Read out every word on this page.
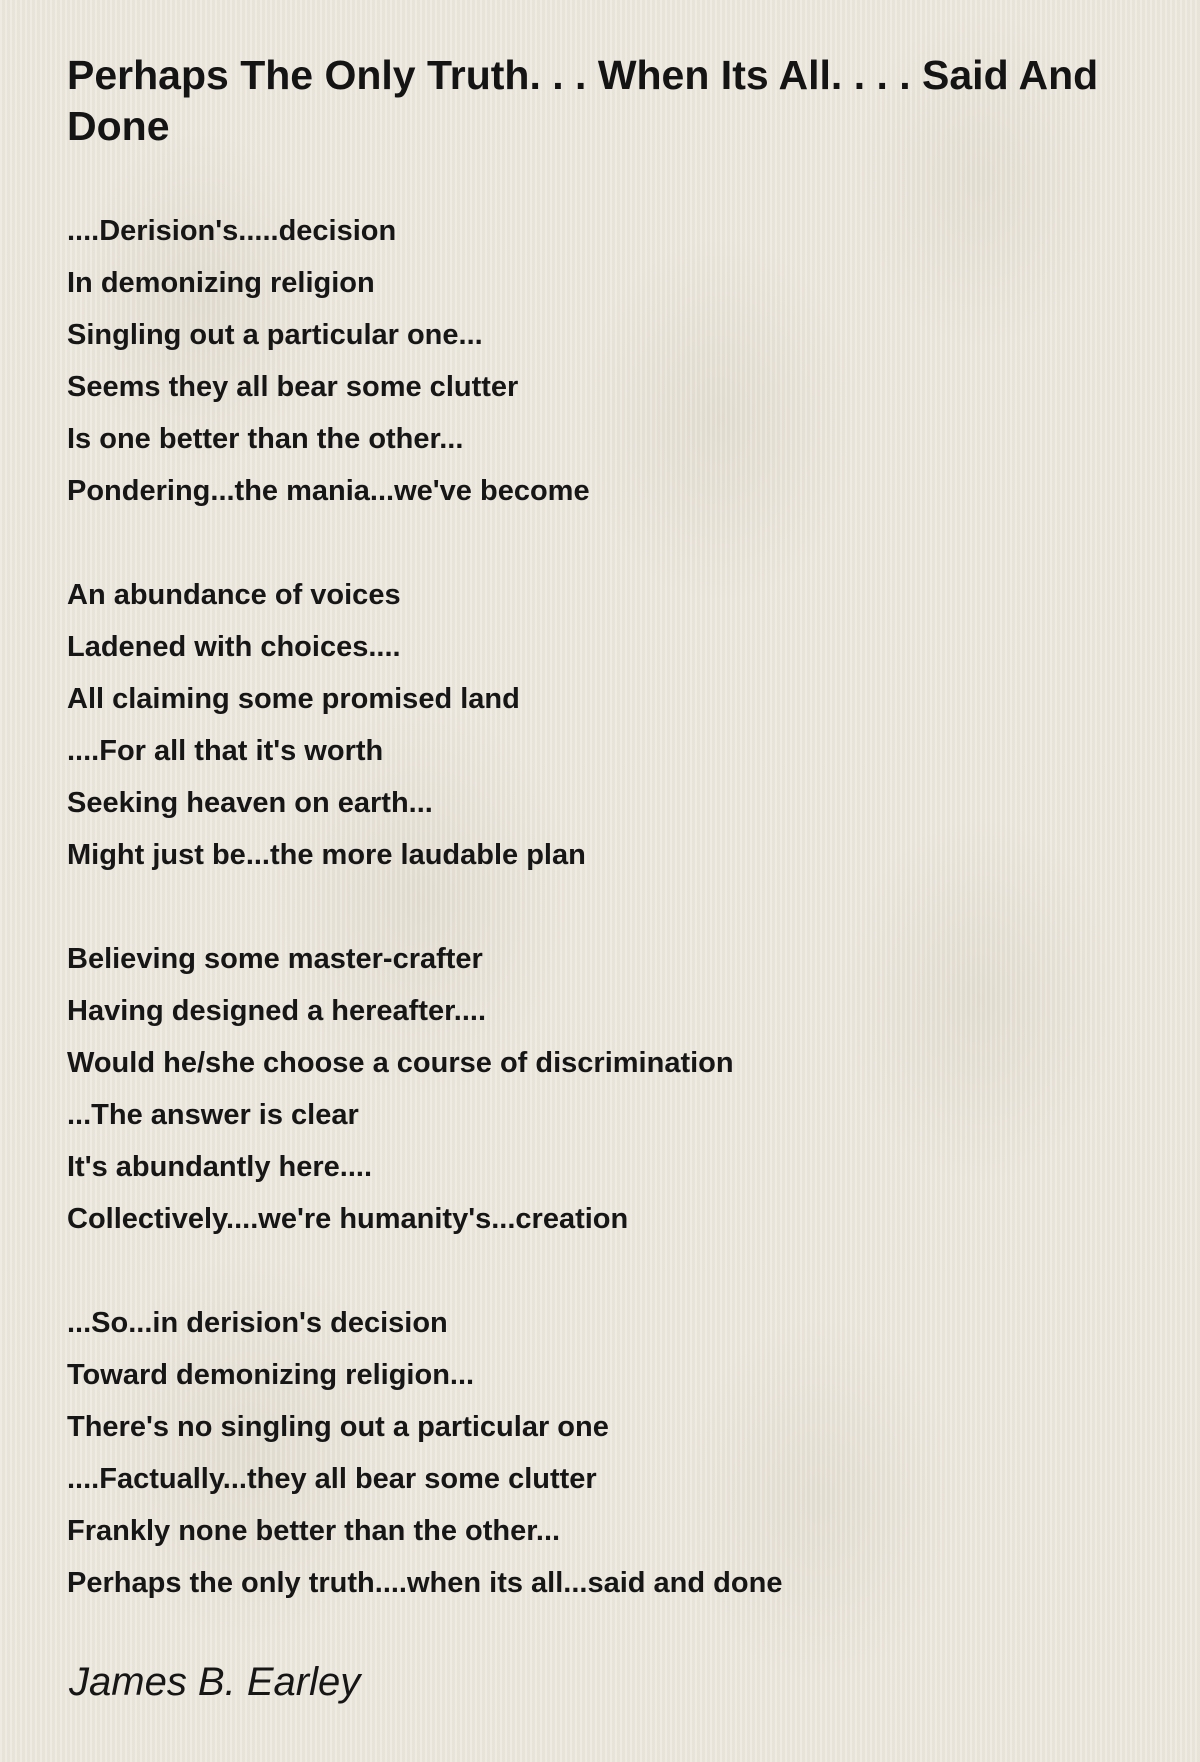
Perhaps The Only Truth. . . When Its All. . . . Said And Done
....Derision's.....decision
In demonizing religion
Singling out a particular one...
Seems they all bear some clutter
Is one better than the other...
Pondering...the mania...we've become
An abundance of voices
Ladened with choices....
All claiming some promised land
....For all that it's worth
Seeking heaven on earth...
Might just be...the more laudable plan
Believing some master-crafter
Having designed a hereafter....
Would he/she choose a course of discrimination
...The answer is clear
It's abundantly here....
Collectively....we're humanity's...creation
...So...in derision's decision
Toward demonizing religion...
There's no singling out a particular one
....Factually...they all bear some clutter
Frankly none better than the other...
Perhaps the only truth....when its all...said and done

James B. Earley
